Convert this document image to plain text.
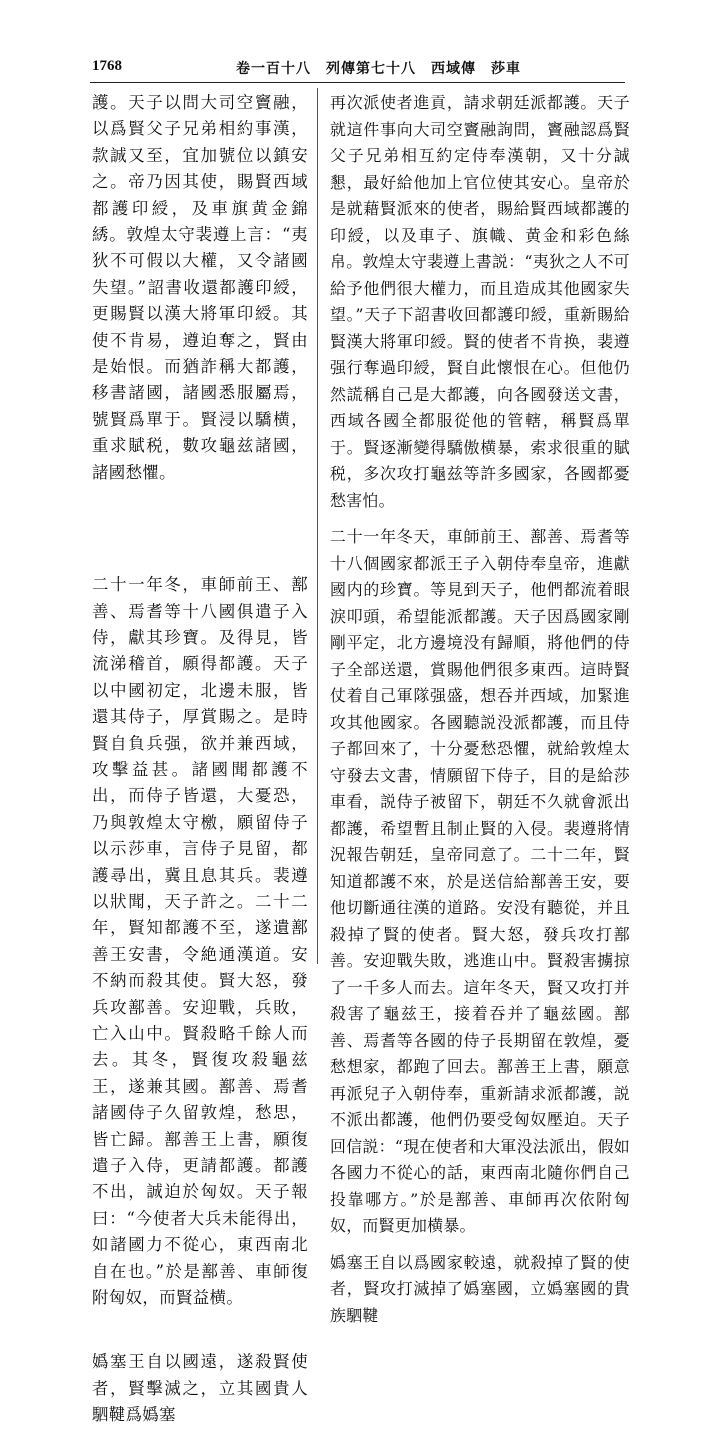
1768	卷一百十八　列傳第七十八　西域傳　莎車

護。天子以問大司空竇融，以爲賢父子兄弟相約事漢，款誠又至，宜加號位以鎮安之。帝乃因其使，賜賢西域都護印綬，及車旗黄金錦綉。敦煌太守裴遵上言：“夷狄不可假以大權，又令諸國失望。”詔書收還都護印綬，更賜賢以漢大將軍印綬。其使不肯易，遵迫奪之，賢由是始恨。而猶詐稱大都護，移書諸國，諸國悉服屬焉，號賢爲單于。賢浸以驕横，重求賦税，數攻龜兹諸國，諸國愁懼。

二十一年冬，車師前王、鄯善、焉耆等十八國俱遣子入侍，獻其珍寶。及得見，皆流涕稽首，願得都護。天子以中國初定，北邊未服，皆還其侍子，厚賞賜之。是時賢自負兵强，欲并兼西域，攻擊益甚。諸國聞都護不出，而侍子皆還，大憂恐，乃與敦煌太守檄，願留侍子以示莎車，言侍子見留，都護尋出，冀且息其兵。裴遵以狀聞，天子許之。二十二年，賢知都護不至，遂遺鄯善王安書，令絶通漢道。安不納而殺其使。賢大怒，發兵攻鄯善。安迎戰，兵敗，亡入山中。賢殺略千餘人而去。其冬，賢復攻殺龜兹王，遂兼其國。鄯善、焉耆諸國侍子久留敦煌，愁思，皆亡歸。鄯善王上書，願復遣子入侍，更請都護。都護不出，誠迫於匈奴。天子報曰：“今使者大兵未能得出，如諸國力不從心，東西南北自在也。”於是鄯善、車師復附匈奴，而賢益横。

嬀塞王自以國遠，遂殺賢使者，賢擊滅之，立其國貴人駟鞬爲嬀塞

再次派使者進貢，請求朝廷派都護。天子就這件事向大司空竇融詢問，竇融認爲賢父子兄弟相互約定侍奉漢朝，又十分誠懇，最好給他加上官位使其安心。皇帝於是就藉賢派來的使者，賜給賢西域都護的印綬，以及車子、旗幟、黄金和彩色絲帛。敦煌太守裴遵上書説：“夷狄之人不可給予他們很大權力，而且造成其他國家失望。”天子下詔書收回都護印綬，重新賜給賢漢大將軍印綬。賢的使者不肯换，裴遵强行奪過印綬，賢自此懷恨在心。但他仍然謊稱自己是大都護，向各國發送文書，西域各國全都服從他的管轄，稱賢爲單于。賢逐漸變得驕傲横暴，索求很重的賦税，多次攻打龜兹等許多國家，各國都憂愁害怕。

二十一年冬天，車師前王、鄯善、焉耆等十八個國家都派王子入朝侍奉皇帝，進獻國内的珍寶。等見到天子，他們都流着眼淚叩頭，希望能派都護。天子因爲國家剛剛平定，北方邊境没有歸順，將他們的侍子全部送還，賞賜他們很多東西。這時賢仗着自己軍隊强盛，想吞并西域，加緊進攻其他國家。各國聽説没派都護，而且侍子都回來了，十分憂愁恐懼，就給敦煌太守發去文書，情願留下侍子，目的是給莎車看，説侍子被留下，朝廷不久就會派出都護，希望暫且制止賢的入侵。裴遵將情況報告朝廷，皇帝同意了。二十二年，賢知道都護不來，於是送信給鄯善王安，要他切斷通往漢的道路。安没有聽從，并且殺掉了賢的使者。賢大怒，發兵攻打鄯善。安迎戰失敗，逃進山中。賢殺害擄掠了一千多人而去。這年冬天，賢又攻打并殺害了龜兹王，接着吞并了龜兹國。鄯善、焉耆等各國的侍子長期留在敦煌，憂愁想家，都跑了回去。鄯善王上書，願意再派兒子入朝侍奉，重新請求派都護，説不派出都護，他們仍要受匈奴壓迫。天子回信説：“現在使者和大軍没法派出，假如各國力不從心的話，東西南北隨你們自己投靠哪方。”於是鄯善、車師再次依附匈奴，而賢更加横暴。

嬀塞王自以爲國家較遠，就殺掉了賢的使者，賢攻打滅掉了嬀塞國，立嬀塞國的貴族駟鞬
